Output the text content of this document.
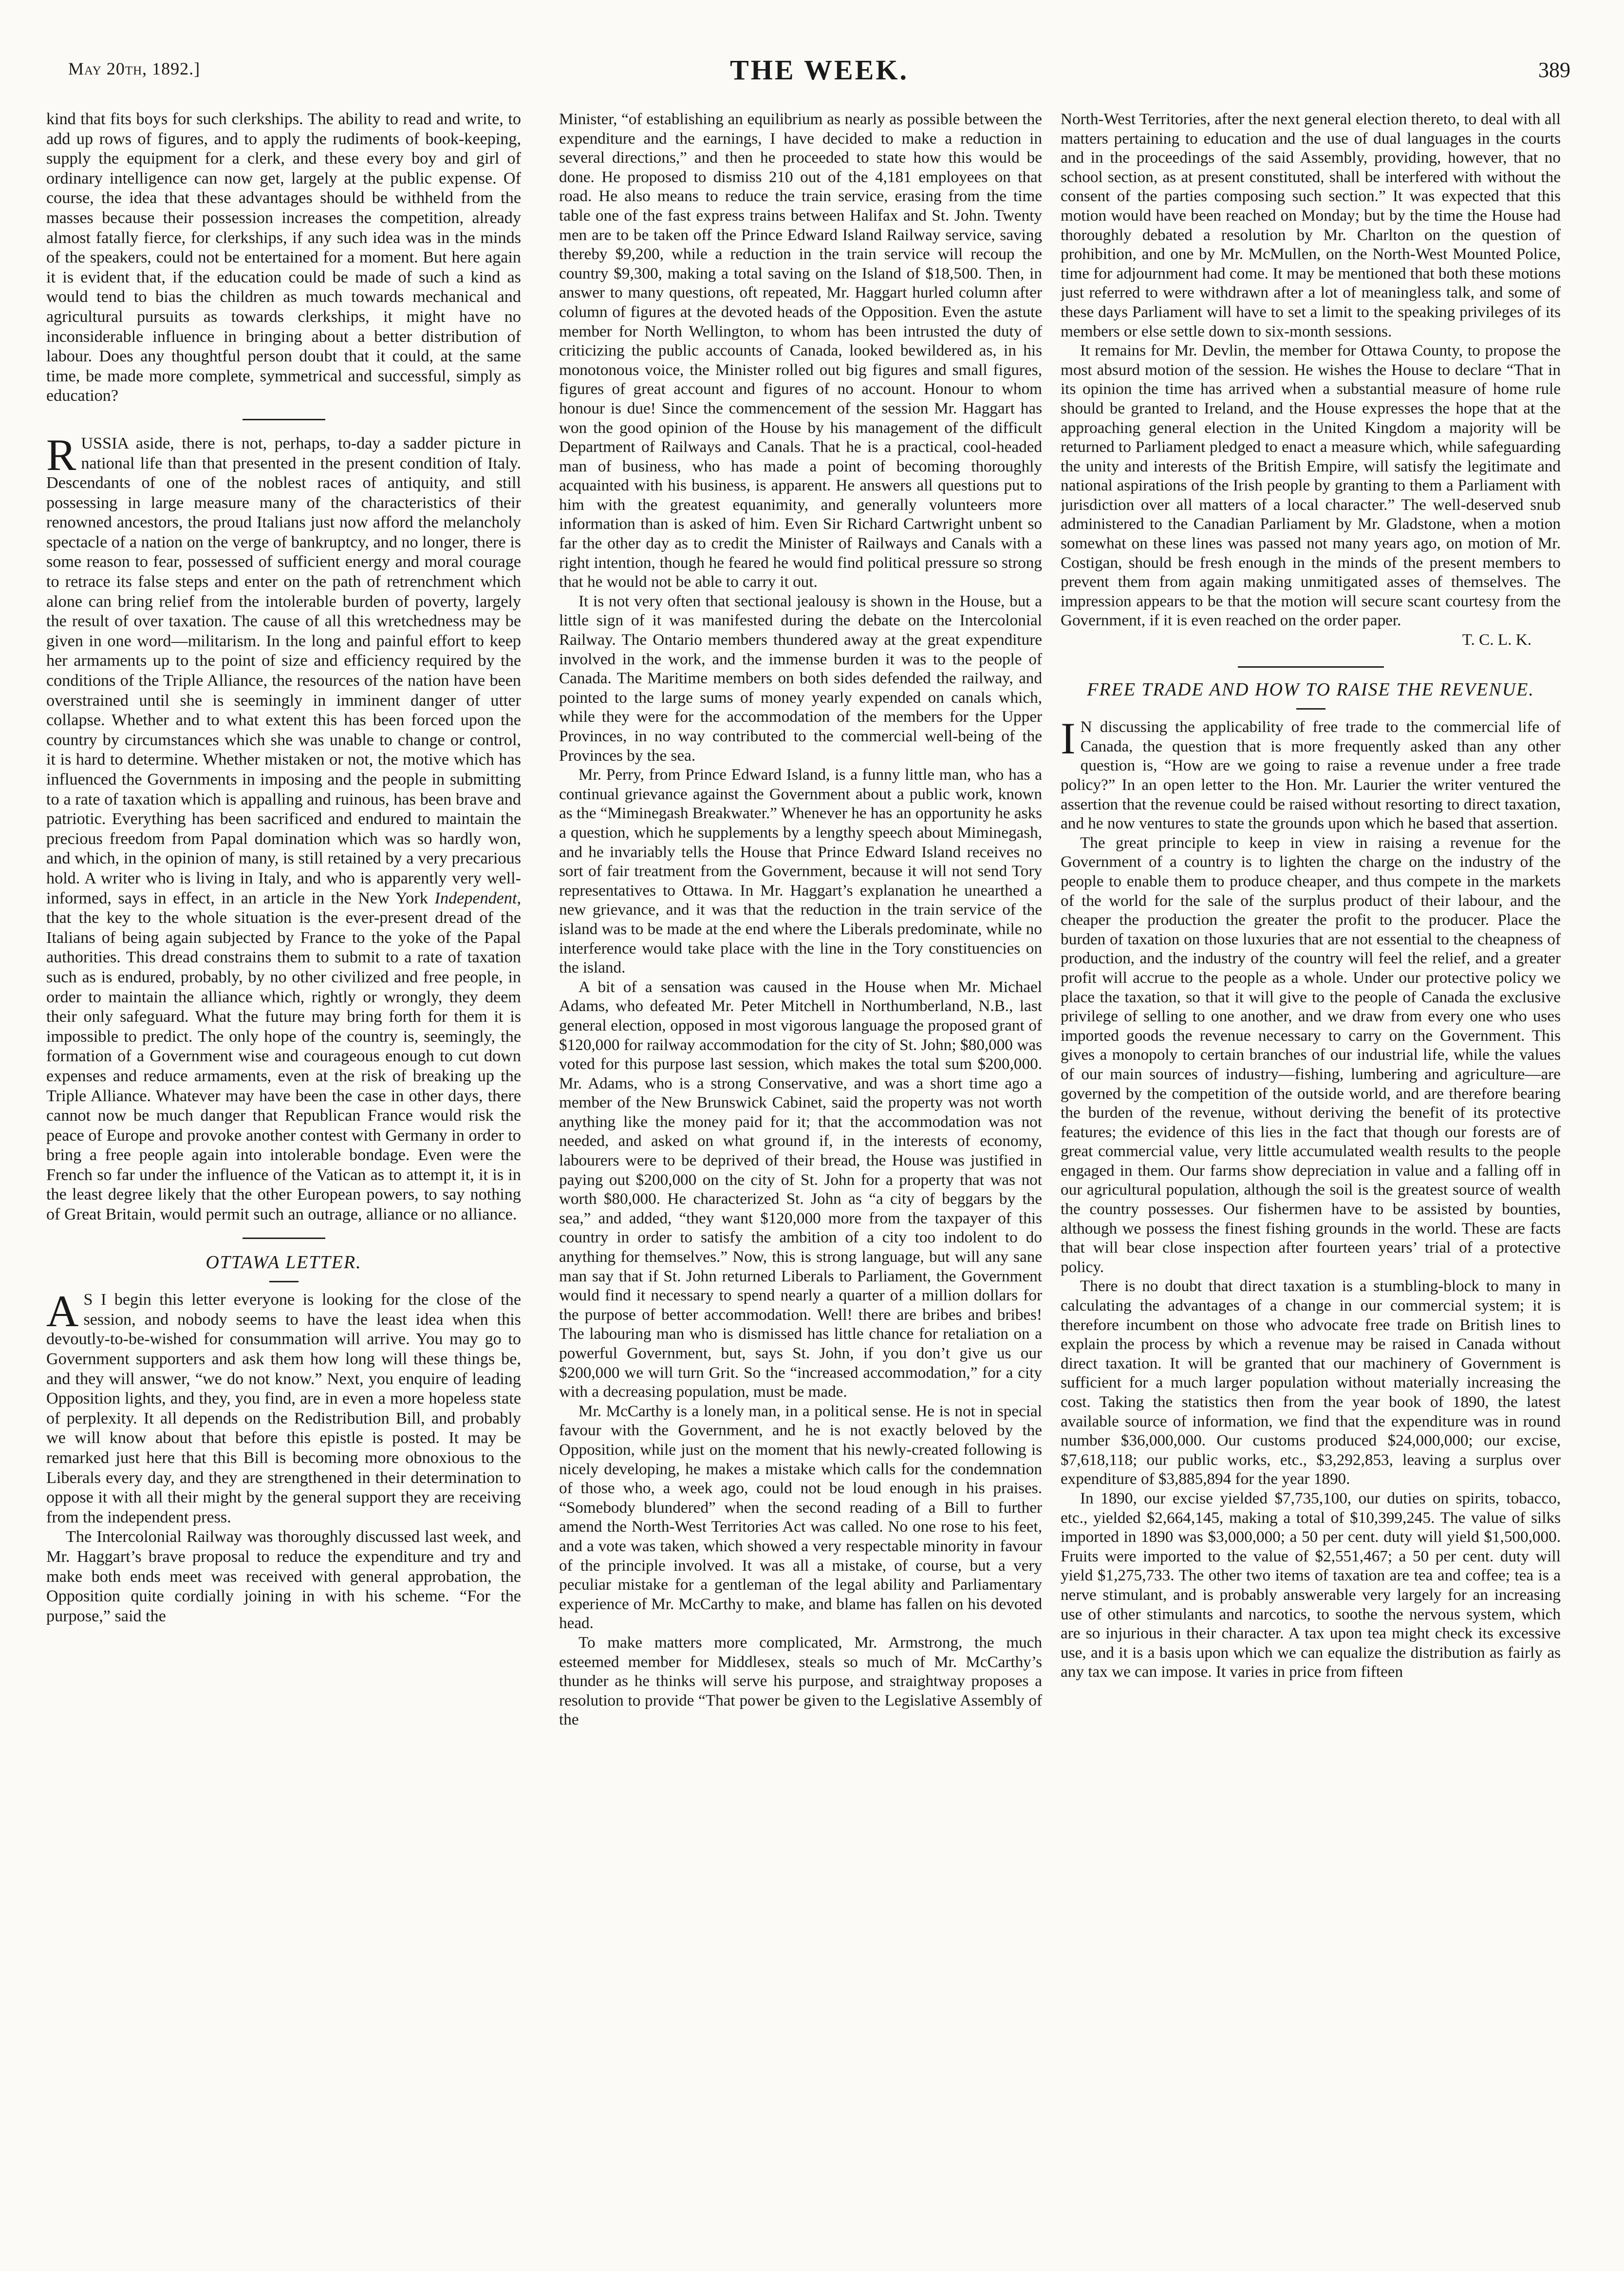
May 20th, 1892.]	THE WEEK.	389

kind that fits boys for such clerkships. The ability to read and write, to add up rows of figures, and to apply the rudiments of book-keeping, supply the equipment for a clerk, and these every boy and girl of ordinary intelligence can now get, largely at the public expense. Of course, the idea that these advantages should be withheld from the masses because their possession increases the competition, already almost fatally fierce, for clerkships, if any such idea was in the minds of the speakers, could not be entertained for a moment. But here again it is evident that, if the education could be made of such a kind as would tend to bias the children as much towards mechanical and agricultural pursuits as towards clerkships, it might have no inconsiderable influence in bringing about a better distribution of labour. Does any thoughtful person doubt that it could, at the same time, be made more complete, symmetrical and successful, simply as education?

RUSSIA aside, there is not, perhaps, to-day a sadder picture in national life than that presented in the present condition of Italy. Descendants of one of the noblest races of antiquity, and still possessing in large measure many of the characteristics of their renowned ancestors, the proud Italians just now afford the melancholy spectacle of a nation on the verge of bankruptcy, and no longer, there is some reason to fear, possessed of sufficient energy and moral courage to retrace its false steps and enter on the path of retrenchment which alone can bring relief from the intolerable burden of poverty, largely the result of over taxation. The cause of all this wretchedness may be given in one word—militarism. In the long and painful effort to keep her armaments up to the point of size and efficiency required by the conditions of the Triple Alliance, the resources of the nation have been overstrained until she is seemingly in imminent danger of utter collapse. Whether and to what extent this has been forced upon the country by circumstances which she was unable to change or control, it is hard to determine. Whether mistaken or not, the motive which has influenced the Governments in imposing and the people in submitting to a rate of taxation which is appalling and ruinous, has been brave and patriotic. Everything has been sacrificed and endured to maintain the precious freedom from Papal domination which was so hardly won, and which, in the opinion of many, is still retained by a very precarious hold. A writer who is living in Italy, and who is apparently very well-informed, says in effect, in an article in the New York Independent, that the key to the whole situation is the ever-present dread of the Italians of being again subjected by France to the yoke of the Papal authorities. This dread constrains them to submit to a rate of taxation such as is endured, probably, by no other civilized and free people, in order to maintain the alliance which, rightly or wrongly, they deem their only safeguard. What the future may bring forth for them it is impossible to predict. The only hope of the country is, seemingly, the formation of a Government wise and courageous enough to cut down expenses and reduce armaments, even at the risk of breaking up the Triple Alliance. Whatever may have been the case in other days, there cannot now be much danger that Republican France would risk the peace of Europe and provoke another contest with Germany in order to bring a free people again into intolerable bondage. Even were the French so far under the influence of the Vatican as to attempt it, it is in the least degree likely that the other European powers, to say nothing of Great Britain, would permit such an outrage, alliance or no alliance.

OTTAWA LETTER.

A S I begin this letter everyone is looking for the close of the session, and nobody seems to have the least idea when this devoutly-to-be-wished for consummation will arrive. You may go to Government supporters and ask them how long will these things be, and they will answer, “we do not know.” Next, you enquire of leading Opposition lights, and they, you find, are in even a more hopeless state of perplexity. It all depends on the Redistribution Bill, and probably we will know about that before this epistle is posted. It may be remarked just here that this Bill is becoming more obnoxious to the Liberals every day, and they are strengthened in their determination to oppose it with all their might by the general support they are receiving from the independent press.

The Intercolonial Railway was thoroughly discussed last week, and Mr. Haggart’s brave proposal to reduce the expenditure and try and make both ends meet was received with general approbation, the Opposition quite cordially joining in with his scheme. “For the purpose,” said the

Minister, “of establishing an equilibrium as nearly as possible between the expenditure and the earnings, I have decided to make a reduction in several directions,” and then he proceeded to state how this would be done. He proposed to dismiss 210 out of the 4,181 employees on that road. He also means to reduce the train service, erasing from the time table one of the fast express trains between Halifax and St. John. Twenty men are to be taken off the Prince Edward Island Railway service, saving thereby $9,200, while a reduction in the train service will recoup the country $9,300, making a total saving on the Island of $18,500. Then, in answer to many questions, oft repeated, Mr. Haggart hurled column after column of figures at the devoted heads of the Opposition. Even the astute member for North Wellington, to whom has been intrusted the duty of criticizing the public accounts of Canada, looked bewildered as, in his monotonous voice, the Minister rolled out big figures and small figures, figures of great account and figures of no account. Honour to whom honour is due! Since the commencement of the session Mr. Haggart has won the good opinion of the House by his management of the difficult Department of Railways and Canals. That he is a practical, cool-headed man of business, who has made a point of becoming thoroughly acquainted with his business, is apparent. He answers all questions put to him with the greatest equanimity, and generally volunteers more information than is asked of him. Even Sir Richard Cartwright unbent so far the other day as to credit the Minister of Railways and Canals with a right intention, though he feared he would find political pressure so strong that he would not be able to carry it out.

It is not very often that sectional jealousy is shown in the House, but a little sign of it was manifested during the debate on the Intercolonial Railway. The Ontario members thundered away at the great expenditure involved in the work, and the immense burden it was to the people of Canada. The Maritime members on both sides defended the railway, and pointed to the large sums of money yearly expended on canals which, while they were for the accommodation of the members for the Upper Provinces, in no way contributed to the commercial well-being of the Provinces by the sea.

Mr. Perry, from Prince Edward Island, is a funny little man, who has a continual grievance against the Government about a public work, known as the “Miminegash Breakwater.” Whenever he has an opportunity he asks a question, which he supplements by a lengthy speech about Miminegash, and he invariably tells the House that Prince Edward Island receives no sort of fair treatment from the Government, because it will not send Tory representatives to Ottawa. In Mr. Haggart’s explanation he unearthed a new grievance, and it was that the reduction in the train service of the island was to be made at the end where the Liberals predominate, while no interference would take place with the line in the Tory constituencies on the island.

A bit of a sensation was caused in the House when Mr. Michael Adams, who defeated Mr. Peter Mitchell in Northumberland, N.B., last general election, opposed in most vigorous language the proposed grant of $120,000 for railway accommodation for the city of St. John; $80,000 was voted for this purpose last session, which makes the total sum $200,000. Mr. Adams, who is a strong Conservative, and was a short time ago a member of the New Brunswick Cabinet, said the property was not worth anything like the money paid for it; that the accommodation was not needed, and asked on what ground if, in the interests of economy, labourers were to be deprived of their bread, the House was justified in paying out $200,000 on the city of St. John for a property that was not worth $80,000. He characterized St. John as “a city of beggars by the sea,” and added, “they want $120,000 more from the taxpayer of this country in order to satisfy the ambition of a city too indolent to do anything for themselves.” Now, this is strong language, but will any sane man say that if St. John returned Liberals to Parliament, the Government would find it necessary to spend nearly a quarter of a million dollars for the purpose of better accommodation. Well! there are bribes and bribes! The labouring man who is dismissed has little chance for retaliation on a powerful Government, but, says St. John, if you don’t give us our $200,000 we will turn Grit. So the “increased accommodation,” for a city with a decreasing population, must be made.

Mr. McCarthy is a lonely man, in a political sense. He is not in special favour with the Government, and he is not exactly beloved by the Opposition, while just on the moment that his newly-created following is nicely developing, he makes a mistake which calls for the condemnation of those who, a week ago, could not be loud enough in his praises. “Somebody blundered” when the second reading of a Bill to further amend the North-West Territories Act was called. No one rose to his feet, and a vote was taken, which showed a very respectable minority in favour of the principle involved. It was all a mistake, of course, but a very peculiar mistake for a gentleman of the legal ability and Parliamentary experience of Mr. McCarthy to make, and blame has fallen on his devoted head.

To make matters more complicated, Mr. Armstrong, the much esteemed member for Middlesex, steals so much of Mr. McCarthy’s thunder as he thinks will serve his purpose, and straightway proposes a resolution to provide “That power be given to the Legislative Assembly of the

North-West Territories, after the next general election thereto, to deal with all matters pertaining to education and the use of dual languages in the courts and in the proceedings of the said Assembly, providing, however, that no school section, as at present constituted, shall be interfered with without the consent of the parties composing such section.” It was expected that this motion would have been reached on Monday; but by the time the House had thoroughly debated a resolution by Mr. Charlton on the question of prohibition, and one by Mr. McMullen, on the North-West Mounted Police, time for adjournment had come. It may be mentioned that both these motions just referred to were withdrawn after a lot of meaningless talk, and some of these days Parliament will have to set a limit to the speaking privileges of its members or else settle down to six-month sessions.

It remains for Mr. Devlin, the member for Ottawa County, to propose the most absurd motion of the session. He wishes the House to declare “That in its opinion the time has arrived when a substantial measure of home rule should be granted to Ireland, and the House expresses the hope that at the approaching general election in the United Kingdom a majority will be returned to Parliament pledged to enact a measure which, while safeguarding the unity and interests of the British Empire, will satisfy the legitimate and national aspirations of the Irish people by granting to them a Parliament with jurisdiction over all matters of a local character.” The well-deserved snub administered to the Canadian Parliament by Mr. Gladstone, when a motion somewhat on these lines was passed not many years ago, on motion of Mr. Costigan, should be fresh enough in the minds of the present members to prevent them from again making unmitigated asses of themselves. The impression appears to be that the motion will secure scant courtesy from the Government, if it is even reached on the order paper.

T. C. L. K.

FREE TRADE AND HOW TO RAISE THE REVENUE.

I N discussing the applicability of free trade to the commercial life of Canada, the question that is more frequently asked than any other question is, “How are we going to raise a revenue under a free trade policy?” In an open letter to the Hon. Mr. Laurier the writer ventured the assertion that the revenue could be raised without resorting to direct taxation, and he now ventures to state the grounds upon which he based that assertion.

The great principle to keep in view in raising a revenue for the Government of a country is to lighten the charge on the industry of the people to enable them to produce cheaper, and thus compete in the markets of the world for the sale of the surplus product of their labour, and the cheaper the production the greater the profit to the producer. Place the burden of taxation on those luxuries that are not essential to the cheapness of production, and the industry of the country will feel the relief, and a greater profit will accrue to the people as a whole. Under our protective policy we place the taxation, so that it will give to the people of Canada the exclusive privilege of selling to one another, and we draw from every one who uses imported goods the revenue necessary to carry on the Government. This gives a monopoly to certain branches of our industrial life, while the values of our main sources of industry—fishing, lumbering and agriculture—are governed by the competition of the outside world, and are therefore bearing the burden of the revenue, without deriving the benefit of its protective features; the evidence of this lies in the fact that though our forests are of great commercial value, very little accumulated wealth results to the people engaged in them. Our farms show depreciation in value and a falling off in our agricultural population, although the soil is the greatest source of wealth the country possesses. Our fishermen have to be assisted by bounties, although we possess the finest fishing grounds in the world. These are facts that will bear close inspection after fourteen years’ trial of a protective policy.

There is no doubt that direct taxation is a stumbling-block to many in calculating the advantages of a change in our commercial system; it is therefore incumbent on those who advocate free trade on British lines to explain the process by which a revenue may be raised in Canada without direct taxation. It will be granted that our machinery of Government is sufficient for a much larger population without materially increasing the cost. Taking the statistics then from the year book of 1890, the latest available source of information, we find that the expenditure was in round number $36,000,000. Our customs produced $24,000,000; our excise, $7,618,118; our public works, etc., $3,292,853, leaving a surplus over expenditure of $3,885,894 for the year 1890.

In 1890, our excise yielded $7,735,100, our duties on spirits, tobacco, etc., yielded $2,664,145, making a total of $10,399,245. The value of silks imported in 1890 was $3,000,000; a 50 per cent. duty will yield $1,500,000. Fruits were imported to the value of $2,551,467; a 50 per cent. duty will yield $1,275,733. The other two items of taxation are tea and coffee; tea is a nerve stimulant, and is probably answerable very largely for an increasing use of other stimulants and narcotics, to soothe the nervous system, which are so injurious in their character. A tax upon tea might check its excessive use, and it is a basis upon which we can equalize the distribution as fairly as any tax we can impose. It varies in price from fifteen
